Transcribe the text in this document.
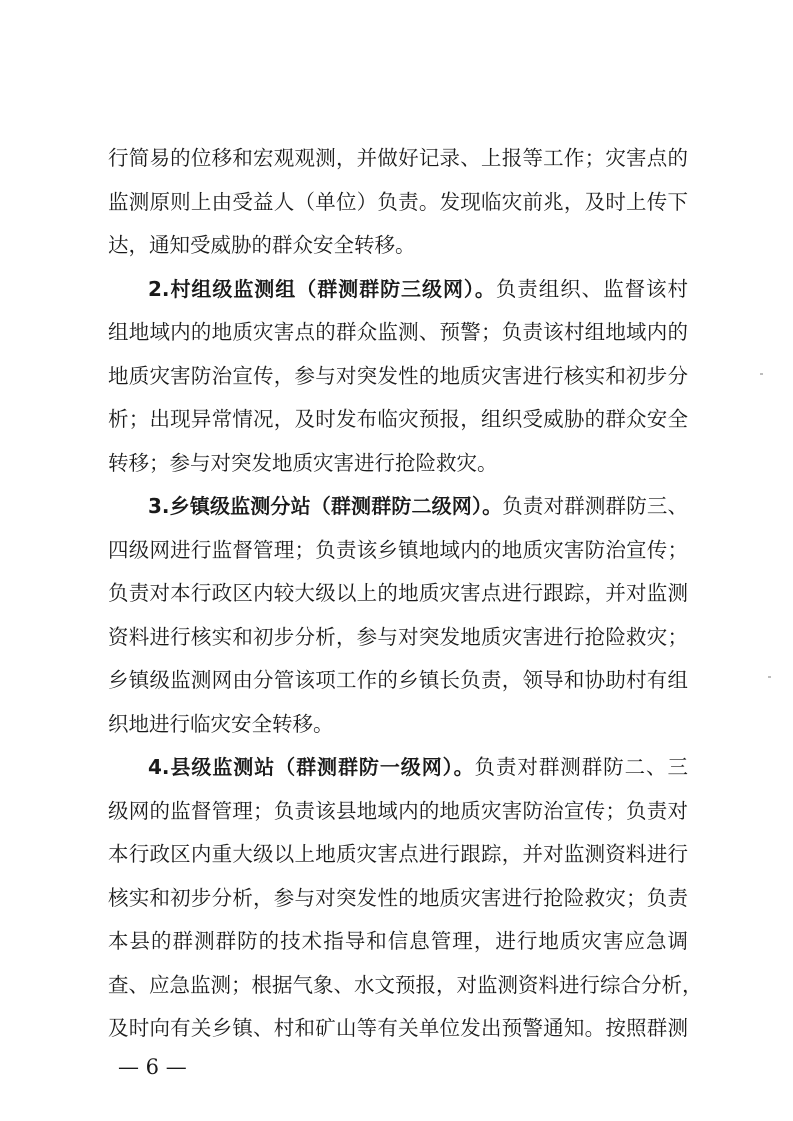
行简易的位移和宏观观测，并做好记录、上报等工作；灾害点的
监测原则上由受益人（单位）负责。发现临灾前兆，及时上传下
达，通知受威胁的群众安全转移。
2.村组级监测组（群测群防三级网）。负责组织、监督该村
组地域内的地质灾害点的群众监测、预警；负责该村组地域内的
地质灾害防治宣传，参与对突发性的地质灾害进行核实和初步分
析；出现异常情况，及时发布临灾预报，组织受威胁的群众安全
转移；参与对突发地质灾害进行抢险救灾。
3.乡镇级监测分站（群测群防二级网）。负责对群测群防三、
四级网进行监督管理；负责该乡镇地域内的地质灾害防治宣传；
负责对本行政区内较大级以上的地质灾害点进行跟踪，并对监测
资料进行核实和初步分析，参与对突发地质灾害进行抢险救灾；
乡镇级监测网由分管该项工作的乡镇长负责，领导和协助村有组
织地进行临灾安全转移。
4.县级监测站（群测群防一级网）。负责对群测群防二、三
级网的监督管理；负责该县地域内的地质灾害防治宣传；负责对
本行政区内重大级以上地质灾害点进行跟踪，并对监测资料进行
核实和初步分析，参与对突发性的地质灾害进行抢险救灾；负责
本县的群测群防的技术指导和信息管理，进行地质灾害应急调
查、应急监测；根据气象、水文预报，对监测资料进行综合分析，
及时向有关乡镇、村和矿山等有关单位发出预警通知。按照群测
— 6 —
